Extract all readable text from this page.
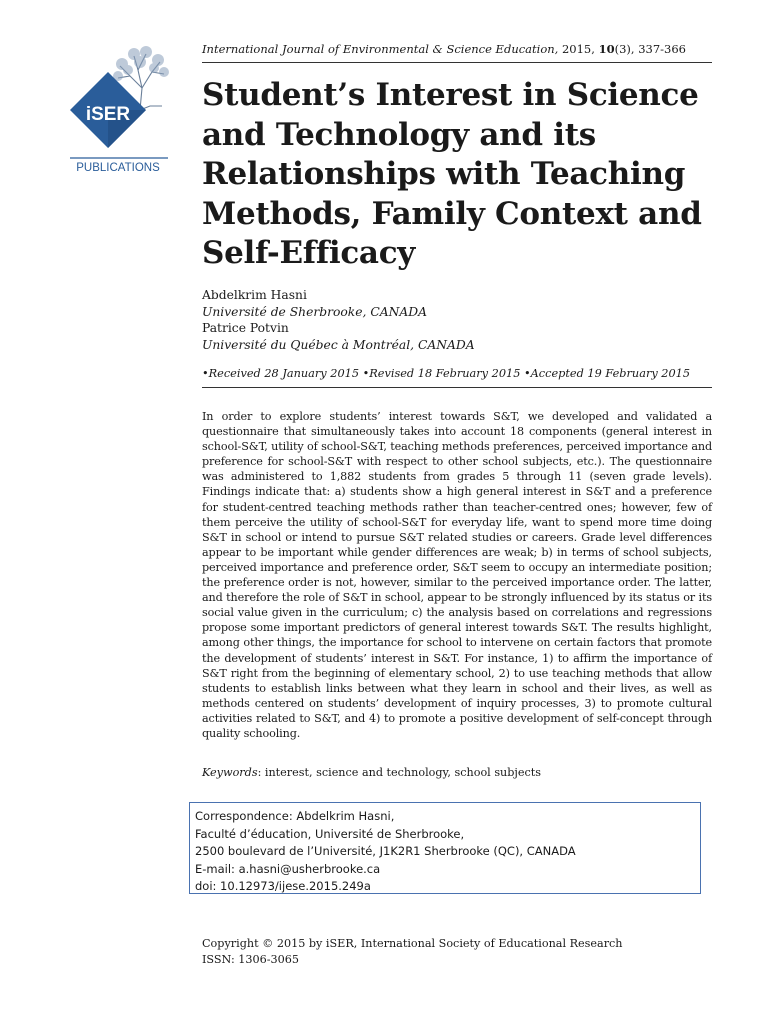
International Journal of Environmental & Science Education, 2015, 10(3), 337-366
iSER
PUBLICATIONS
Student’s Interest in Science and Technology and its Relationships with Teaching Methods, Family Context and Self-Efficacy
Abdelkrim Hasni
Université de Sherbrooke, CANADA
Patrice Potvin
Université du Québec à Montréal, CANADA
•Received 28 January 2015 •Revised 18 February 2015 •Accepted 19 February 2015

In order to explore students’ interest towards S&T, we developed and validated a questionnaire that simultaneously takes into account 18 components (general interest in school-S&T, utility of school-S&T, teaching methods preferences, perceived importance and preference for school-S&T with respect to other school subjects, etc.). The questionnaire was administered to 1,882 students from grades 5 through 11 (seven grade levels). Findings indicate that: a) students show a high general interest in S&T and a preference for student-centred teaching methods rather than teacher-centred ones; however, few of them perceive the utility of school-S&T for everyday life, want to spend more time doing S&T in school or intend to pursue S&T related studies or careers. Grade level differences appear to be important while gender differences are weak; b) in terms of school subjects, perceived importance and preference order, S&T seem to occupy an intermediate position; the preference order is not, however, similar to the perceived importance order. The latter, and therefore the role of S&T in school, appear to be strongly influenced by its status or its social value given in the curriculum; c) the analysis based on correlations and regressions propose some important predictors of general interest towards S&T. The results highlight, among other things, the importance for school to intervene on certain factors that promote the development of students’ interest in S&T. For instance, 1) to affirm the importance of S&T right from the beginning of elementary school, 2) to use teaching methods that allow students to establish links between what they learn in school and their lives, as well as methods centered on students’ development of inquiry processes, 3) to promote cultural activities related to S&T, and 4) to promote a positive development of self-concept through quality schooling.

Keywords: interest, science and technology, school subjects
Correspondence: Abdelkrim Hasni,
Faculté d’éducation, Université de Sherbrooke,
2500 boulevard de l’Université, J1K2R1 Sherbrooke (QC), CANADA
E-mail: a.hasni@usherbrooke.ca
doi: 10.12973/ijese.2015.249a
Copyright © 2015 by iSER, International Society of Educational Research
ISSN: 1306-3065
